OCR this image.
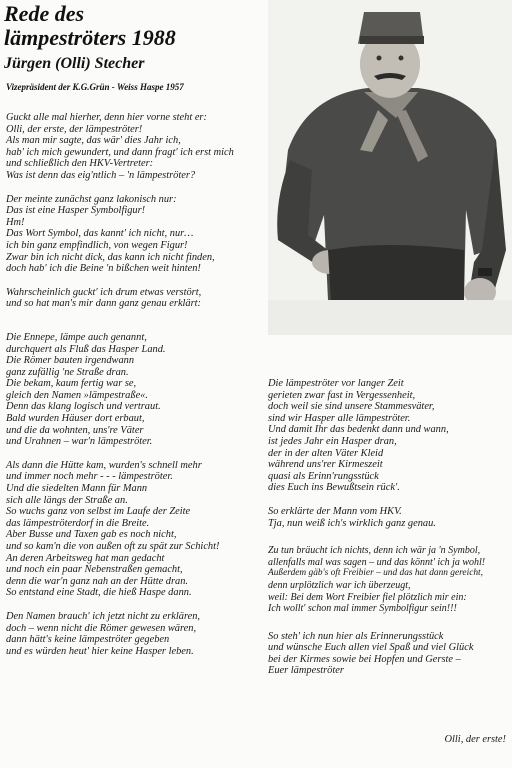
Rede des
lämpeströters 1988
Jürgen (Olli) Stecher
Vizepräsident der K.G.Grün - Weiss Haspe 1957

Guckt alle mal hierher, denn hier vorne steht er:

Olli, der erste, der lämpeströter!

Als man mir sagte, das wär' dies Jahr ich,

hab' ich mich gewundert, und dann fragt' ich erst mich

und schließlich den HKV-Vertreter:

Was ist denn das eig'ntlich – 'n lämpeströter?

Der meinte zunächst ganz lakonisch nur:

Das ist eine Hasper Symbolfigur!

Hm!

Das Wort Symbol, das kannt' ich nicht, nur…

ich bin ganz empfindlich, von wegen Figur!

Zwar bin ich nicht dick, das kann ich nicht finden,

doch hab' ich die Beine 'n bißchen weit hinten!

Wahrscheinlich guckt' ich drum etwas verstört,

und so hat man's mir dann ganz genau erklärt:

Die Ennepe, lämpe auch genannt,

durchquert als Fluß das Hasper Land.

Die Römer bauten irgendwann

ganz zufällig 'ne Straße dran.

Die bekam, kaum fertig war se,

gleich den Namen »lämpestraße«.

Denn das klang logisch und vertraut.

Bald wurden Häuser dort erbaut,

und die da wohnten, uns're Väter

und Urahnen – war'n lämpeströter.

Als dann die Hütte kam, wurden's schnell mehr

und immer noch mehr - - - lämpeströter.

Und die siedelten Mann für Mann

sich alle längs der Straße an.

So wuchs ganz von selbst im Laufe der Zeite

das lämpeströterdorf in die Breite.

Aber Busse und Taxen gab es noch nicht,

und so kam'n die von außen oft zu spät zur Schicht!

An deren Arbeitsweg hat man gedacht

und noch ein paar Nebenstraßen gemacht,

denn die war'n ganz nah an der Hütte dran.

So entstand eine Stadt, die hieß Haspe dann.

Den Namen brauch' ich jetzt nicht zu erklären,

doch – wenn nicht die Römer gewesen wären,

dann hätt's keine lämpeströter gegeben

und es würden heut' hier keine Hasper leben.

Die lämpeströter vor langer Zeit

gerieten zwar fast in Vergessenheit,

doch weil sie sind unsere Stammesväter,

sind wir Hasper alle lämpeströter.

Und damit Ihr das bedenkt dann und wann,

ist jedes Jahr ein Hasper dran,

der in der alten Väter Kleid

während uns'rer Kirmeszeit

quasi als Erinn'rungsstück

dies Euch ins Bewußtsein rück'.

So erklärte der Mann vom HKV.

Tja, nun weiß ich's wirklich ganz genau.

Zu tun bräucht ich nichts, denn ich wär ja 'n Symbol,

allenfalls mal was sagen – und das könnt' ich ja wohl!

Außerdem gäb's oft Freibier – und das hat dann gereicht,

denn urplötzlich war ich überzeugt,

weil: Bei dem Wort Freibier fiel plötzlich mir ein:

Ich wollt' schon mal immer Symbolfigur sein!!!

So steh' ich nun hier als Erinnerungsstück

und wünsche Euch allen viel Spaß und viel Glück

bei der Kirmes sowie bei Hopfen und Gerste –

Euer lämpeströter

Olli, der erste!
